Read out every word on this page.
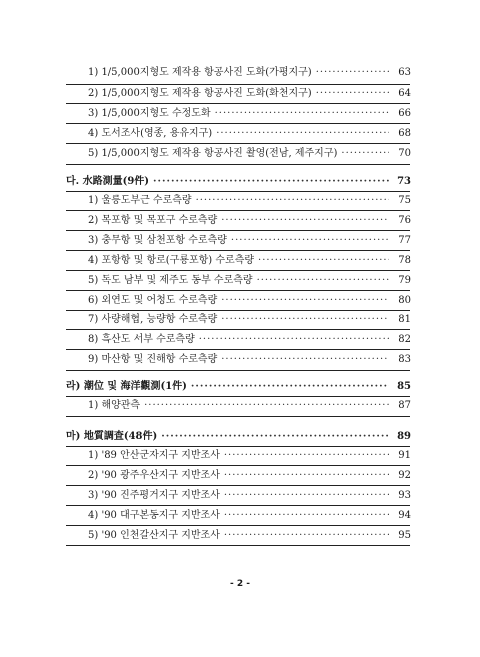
1) 1/5,000지형도 제작용 항공사진 도화(가평지구) ·····	63
2) 1/5,000지형도 제작용 항공사진 도화(화천지구) ·····	64
3) 1/5,000지형도 수정도화 ·····	66
4) 도서조사(영종, 용유지구) ·····	68
5) 1/5,000지형도 제작용 항공사진 촬영(전남, 제주지구) ·····	70
다. 水路測量(9件) ·····	73
1) 울릉도부근 수로측량 ·····	75
2) 목포항 및 목포구 수로측량 ·····	76
3) 충무항 및 삼천포항 수로측량 ·····	77
4) 포항항 및 항로(구룡포항) 수로측량 ·····	78
5) 독도 남부 및 제주도 동부 수로측량 ·····	79
6) 외연도 및 어청도 수로측량 ·····	80
7) 사량해협, 능량항 수로측량 ·····	81
8) 흑산도 서부 수로측량 ·····	82
9) 마산항 및 진해항 수로측량 ·····	83
라) 潮位 및 海洋觀測(1件) ·····	85
1) 해양관측 ·····	87
마) 地質調査(48件) ·····	89
1) '89 안산군자지구 지반조사 ·····	91
2) '90 광주우산지구 지반조사 ·····	92
3) '90 진주평거지구 지반조사 ·····	93
4) '90 대구본동지구 지반조사 ·····	94
5) '90 인천갈산지구 지반조사 ·····	95
- 2 -
